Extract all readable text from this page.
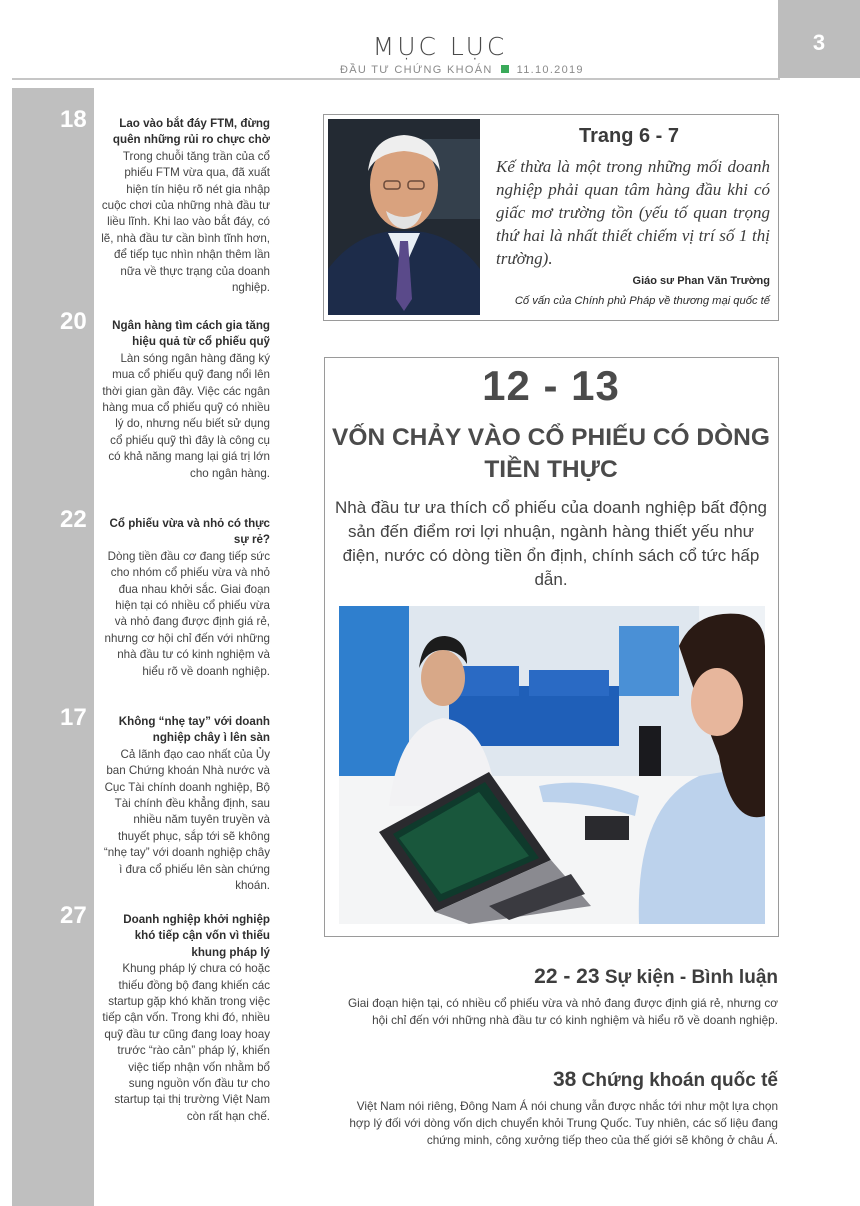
MỤC LỤC
ĐẦU TƯ CHỨNG KHOÁN 11.10.2019
3
18	Lao vào bắt đáy FTM, đừng quên những rủi ro chực chờ
Trong chuỗi tăng trần của cổ phiếu FTM vừa qua, đã xuất hiện tín hiệu rõ nét gia nhập cuộc chơi của những nhà đầu tư liều lĩnh. Khi lao vào bắt đáy, có lẽ, nhà đầu tư cần bình tĩnh hơn, để tiếp tục nhìn nhận thêm lần nữa về thực trạng của doanh nghiệp.
20	Ngân hàng tìm cách gia tăng hiệu quả từ cổ phiếu quỹ
Làn sóng ngân hàng đăng ký mua cổ phiếu quỹ đang nổi lên thời gian gần đây. Việc các ngân hàng mua cổ phiếu quỹ có nhiều lý do, nhưng nếu biết sử dụng cổ phiếu quỹ thì đây là công cụ có khả năng mang lại giá trị lớn cho ngân hàng.
22	Cổ phiếu vừa và nhỏ có thực sự rẻ?
Dòng tiền đầu cơ đang tiếp sức cho nhóm cổ phiếu vừa và nhỏ đua nhau khởi sắc. Giai đoạn hiện tại có nhiều cổ phiếu vừa và nhỏ đang được định giá rẻ, nhưng cơ hội chỉ đến với những nhà đầu tư có kinh nghiệm và hiểu rõ về doanh nghiệp.
17	Không “nhẹ tay” với doanh nghiệp chây ì lên sàn
Cả lãnh đạo cao nhất của Ủy ban Chứng khoán Nhà nước và Cục Tài chính doanh nghiệp, Bộ Tài chính đều khẳng định, sau nhiều năm tuyên truyền và thuyết phục, sắp tới sẽ không “nhẹ tay” với doanh nghiệp chây ì đưa cổ phiếu lên sàn chứng khoán.
27	Doanh nghiệp khởi nghiệp khó tiếp cận vốn vì thiếu khung pháp lý
Khung pháp lý chưa có hoặc thiếu đồng bộ đang khiến các startup gặp khó khăn trong việc tiếp cận vốn. Trong khi đó, nhiều quỹ đầu tư cũng đang loay hoay trước “rào cản” pháp lý, khiến việc tiếp nhận vốn nhằm bổ sung nguồn vốn đầu tư cho startup tại thị trường Việt Nam còn rất hạn chế.
Trang 6 - 7
Kế thừa là một trong những mối doanh nghiệp phải quan tâm hàng đầu khi có giấc mơ trường tồn (yếu tố quan trọng thứ hai là nhất thiết chiếm vị trí số 1 thị trường).
Giáo sư Phan Văn Trường
Cố vấn của Chính phủ Pháp về thương mại quốc tế
12 - 13
VỐN CHẢY VÀO CỔ PHIẾU CÓ DÒNG TIỀN THỰC
Nhà đầu tư ưa thích cổ phiếu của doanh nghiệp bất động sản đến điểm rơi lợi nhuận, ngành hàng thiết yếu như điện, nước có dòng tiền ổn định, chính sách cổ tức hấp dẫn.
22 - 23 Sự kiện - Bình luận
Giai đoạn hiện tại, có nhiều cổ phiếu vừa và nhỏ đang được định giá rẻ, nhưng cơ hội chỉ đến với những nhà đầu tư có kinh nghiệm và hiểu rõ về doanh nghiệp.
38 Chứng khoán quốc tế
Việt Nam nói riêng, Đông Nam Á nói chung vẫn được nhắc tới như một lựa chọn hợp lý đối với dòng vốn dịch chuyển khỏi Trung Quốc. Tuy nhiên, các số liệu đang chứng minh, công xưởng tiếp theo của thế giới sẽ không ở châu Á.
